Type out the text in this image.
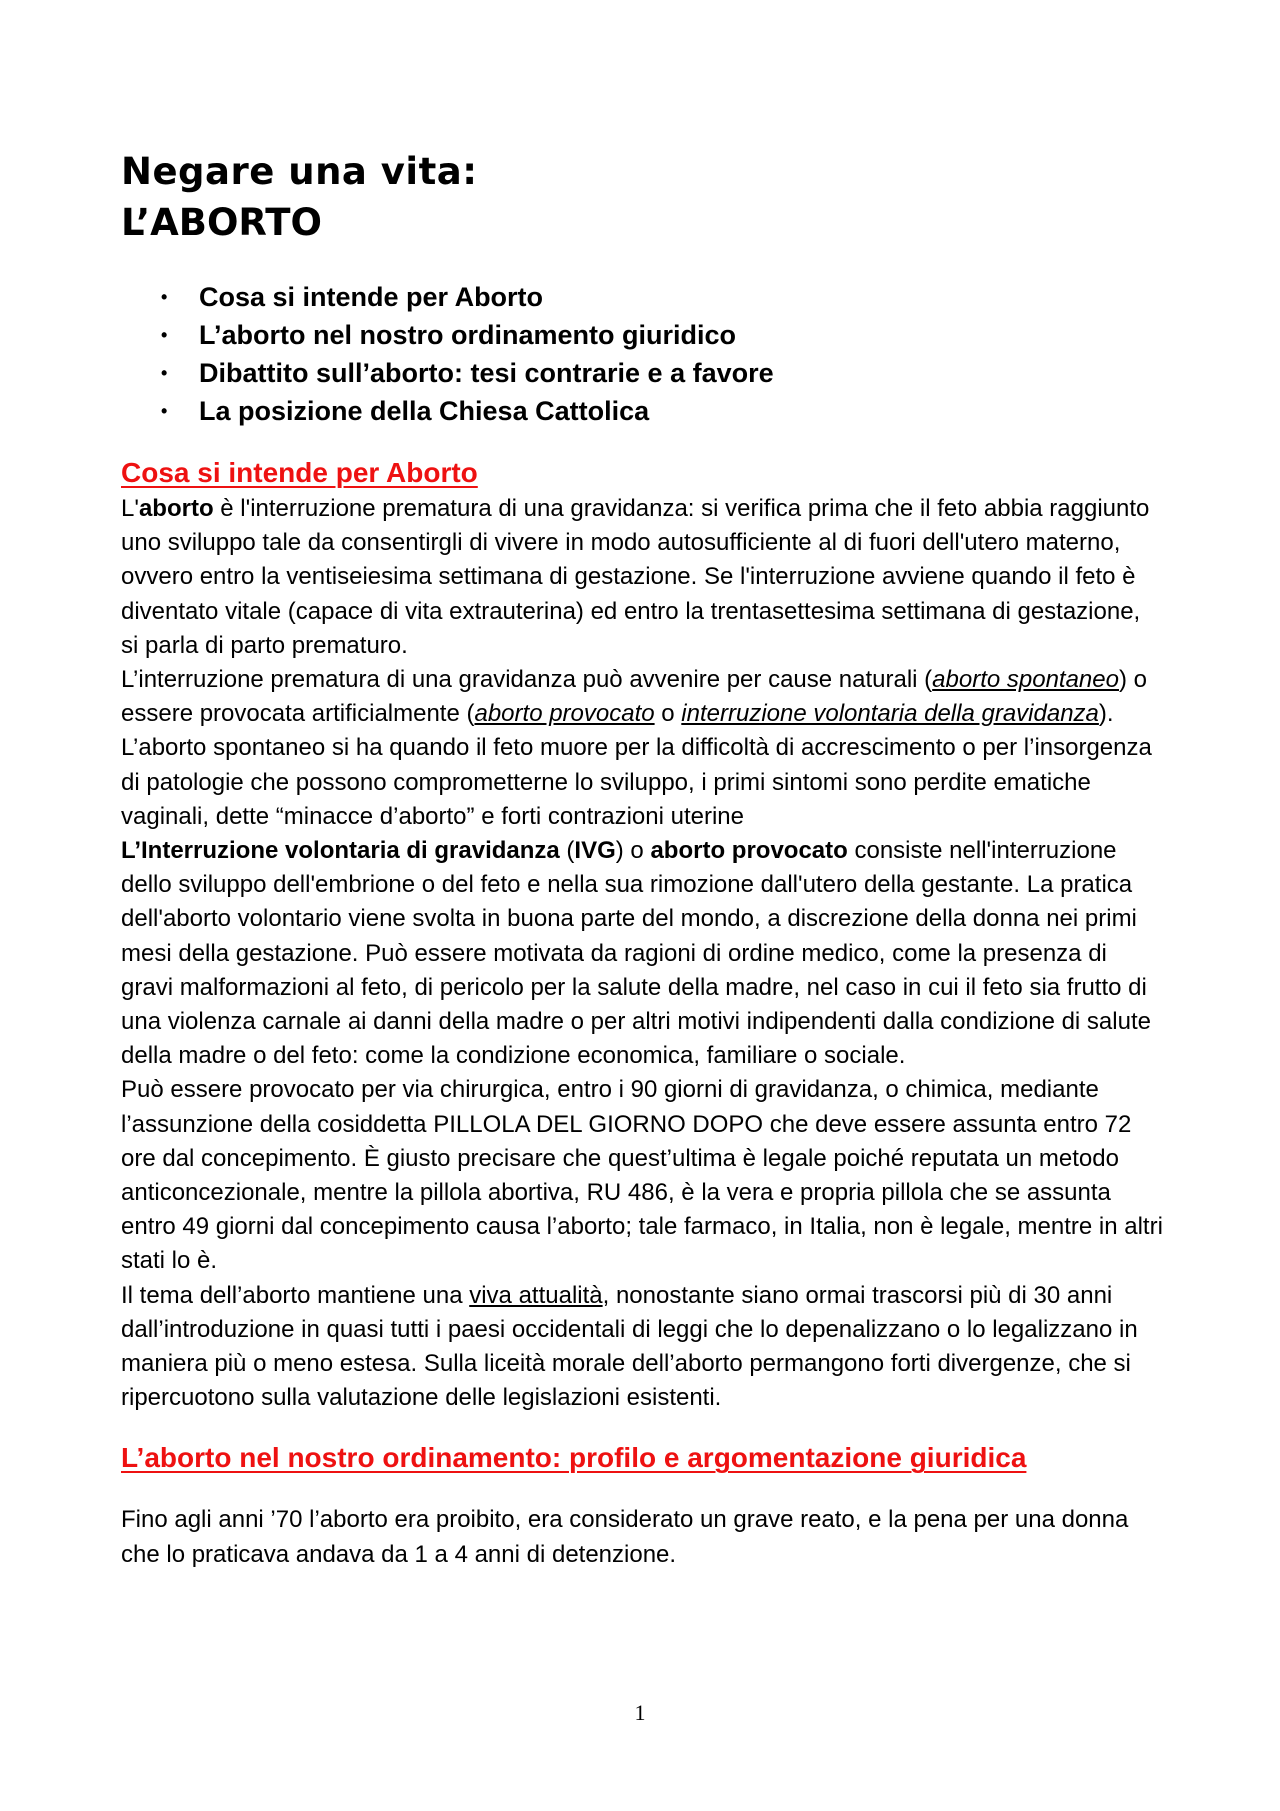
Negare una vita:
L’ABORTO
• Cosa si intende per Aborto
• L’aborto nel nostro ordinamento giuridico
• Dibattito sull’aborto: tesi contrarie e a favore
• La posizione della Chiesa Cattolica
Cosa si intende per Aborto

L'aborto è l'interruzione prematura di una gravidanza: si verifica prima che il feto abbia raggiunto uno sviluppo tale da consentirgli di vivere in modo autosufficiente al di fuori dell'utero materno, ovvero entro la ventiseiesima settimana di gestazione. Se l'interruzione avviene quando il feto è diventato vitale (capace di vita extrauterina) ed entro la trentasettesima settimana di gestazione, si parla di parto prematuro.

L’interruzione prematura di una gravidanza può avvenire per cause naturali (aborto spontaneo) o essere provocata artificialmente (aborto provocato o interruzione volontaria della gravidanza). L’aborto spontaneo si ha quando il feto muore per la difficoltà di accrescimento o per l’insorgenza di patologie che possono comprometterne lo sviluppo, i primi sintomi sono perdite ematiche vaginali, dette “minacce d’aborto” e forti contrazioni uterine

L’Interruzione volontaria di gravidanza (IVG) o aborto provocato consiste nell'interruzione dello sviluppo dell'embrione o del feto e nella sua rimozione dall'utero della gestante. La pratica dell'aborto volontario viene svolta in buona parte del mondo, a discrezione della donna nei primi mesi della gestazione. Può essere motivata da ragioni di ordine medico, come la presenza di gravi malformazioni al feto, di pericolo per la salute della madre, nel caso in cui il feto sia frutto di una violenza carnale ai danni della madre o per altri motivi indipendenti dalla condizione di salute della madre o del feto: come la condizione economica, familiare o sociale.

Può essere provocato per via chirurgica, entro i 90 giorni di gravidanza, o chimica, mediante l’assunzione della cosiddetta PILLOLA DEL GIORNO DOPO che deve essere assunta entro 72 ore dal concepimento. È giusto precisare che quest’ultima è legale poiché reputata un metodo anticoncezionale, mentre la pillola abortiva, RU 486, è la vera e propria pillola che se assunta entro 49 giorni dal concepimento causa l’aborto; tale farmaco, in Italia, non è legale, mentre in altri stati lo è.

Il tema dell’aborto mantiene una viva attualità, nonostante siano ormai trascorsi più di 30 anni dall’introduzione in quasi tutti i paesi occidentali di leggi che lo depenalizzano o lo legalizzano in maniera più o meno estesa. Sulla liceità morale dell’aborto permangono forti divergenze, che si ripercuotono sulla valutazione delle legislazioni esistenti.

L’aborto nel nostro ordinamento: profilo e argomentazione giuridica

Fino agli anni ’70 l’aborto era proibito, era considerato un grave reato, e la pena per una donna che lo praticava andava da 1 a 4 anni di detenzione.

1
